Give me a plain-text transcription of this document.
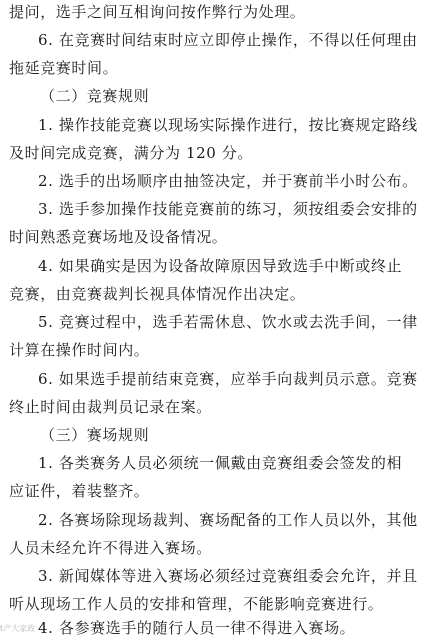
提问，选手之间互相询问按作弊行为处理。
6. 在竞赛时间结束时应立即停止操作，不得以任何理由
拖延竞赛时间。
（二）竞赛规则
1. 操作技能竞赛以现场实际操作进行，按比赛规定路线
及时间完成竞赛，满分为 120 分。
2. 选手的出场顺序由抽签决定，并于赛前半小时公布。
3. 选手参加操作技能竞赛前的练习，须按组委会安排的
时间熟悉竞赛场地及设备情况。
4. 如果确实是因为设备故障原因导致选手中断或终止
竞赛，由竞赛裁判长视具体情况作出决定。
5. 竞赛过程中，选手若需休息、饮水或去洗手间，一律
计算在操作时间内。
6. 如果选手提前结束竞赛，应举手向裁判员示意。竞赛
终止时间由裁判员记录在案。
（三）赛场规则
1. 各类赛务人员必须统一佩戴由竞赛组委会签发的相
应证件，着装整齐。
2. 各赛场除现场裁判、赛场配备的工作人员以外，其他
人员未经允许不得进入赛场。
3. 新闻媒体等进入赛场必须经过竞赛组委会允许，并且
听从现场工作人员的安排和管理，不能影响竞赛进行。
4. 各参赛选手的随行人员一律不得进入赛场。
t产大家政
